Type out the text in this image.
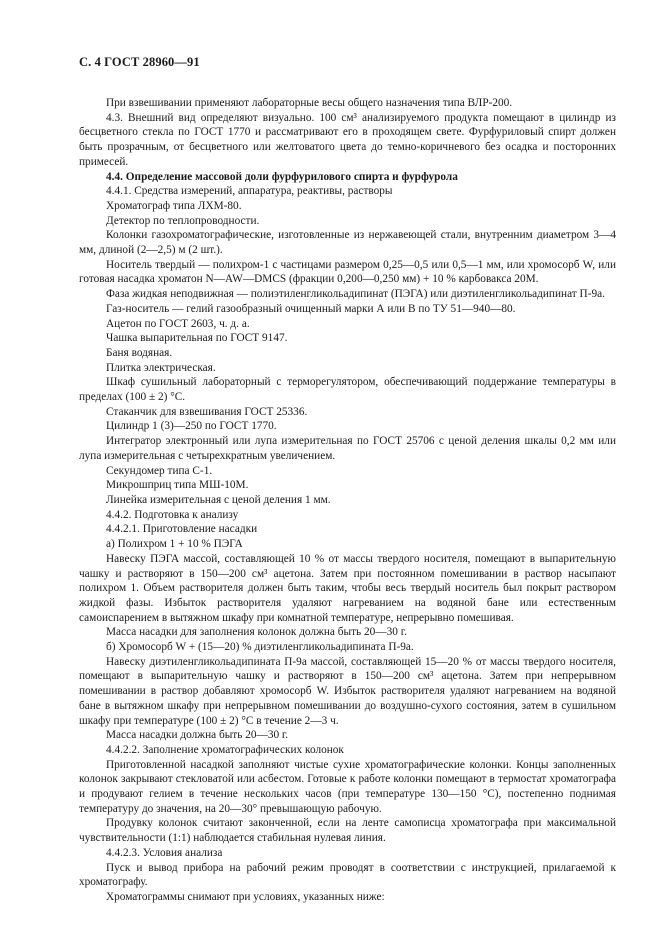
С. 4 ГОСТ 28960—91

При взвешивании применяют лабораторные весы общего назначения типа ВЛР-200.

4.3. Внешний вид определяют визуально. 100 см³ анализируемого продукта помещают в цилиндр из бесцветного стекла по ГОСТ 1770 и рассматривают его в проходящем свете. Фурфуриловый спирт должен быть прозрачным, от бесцветного или желтоватого цвета до темно-коричневого без осадка и посторонних примесей.

4.4. Определение массовой доли фурфурилового спирта и фурфурола

4.4.1. Средства измерений, аппаратура, реактивы, растворы

Хроматограф типа ЛХМ-80.

Детектор по теплопроводности.

Колонки газохроматографические, изготовленные из нержавеющей стали, внутренним диаметром 3—4 мм, длиной (2—2,5) м (2 шт.).

Носитель твердый — полихром-1 с частицами размером 0,25—0,5 или 0,5—1 мм, или хромосорб W, или готовая насадка хроматон N—AW—DMCS (фракции 0,200—0,250 мм) + 10 % карбовакса 20М.

Фаза жидкая неподвижная — полиэтиленгликольадипинат (ПЭГА) или диэтиленгликольадипинат П-9а.

Газ-носитель — гелий газообразный очищенный марки А или В по ТУ 51—940—80.

Ацетон по ГОСТ 2603, ч. д. а.

Чашка выпарительная по ГОСТ 9147.

Баня водяная.

Плитка электрическая.

Шкаф сушильный лабораторный с терморегулятором, обеспечивающий поддержание температуры в пределах (100 ± 2) °С.

Стаканчик для взвешивания ГОСТ 25336.

Цилиндр 1 (3)—250 по ГОСТ 1770.

Интегратор электронный или лупа измерительная по ГОСТ 25706 с ценой деления шкалы 0,2 мм или лупа измерительная с четырехкратным увеличением.

Секундомер типа С-1.

Микрошприц типа МШ-10М.

Линейка измерительная с ценой деления 1 мм.

4.4.2. Подготовка к анализу

4.4.2.1. Приготовление насадки

а) Полихром 1 + 10 % ПЭГА

Навеску ПЭГА массой, составляющей 10 % от массы твердого носителя, помещают в выпарительную чашку и растворяют в 150—200 см³ ацетона. Затем при постоянном помешивании в раствор насыпают полихром 1. Объем растворителя должен быть таким, чтобы весь твердый носитель был покрыт раствором жидкой фазы. Избыток растворителя удаляют нагреванием на водяной бане или естественным самоиспарением в вытяжном шкафу при комнатной температуре, непрерывно помешивая.

Масса насадки для заполнения колонок должна быть 20—30 г.

б) Хромосорб W + (15—20) % диэтиленгликольадипината П-9а.

Навеску диэтиленгликольадипината П-9а массой, составляющей 15—20 % от массы твердого носителя, помещают в выпарительную чашку и растворяют в 150—200 см³ ацетона. Затем при непрерывном помешивании в раствор добавляют хромосорб W. Избыток растворителя удаляют нагреванием на водяной бане в вытяжном шкафу при непрерывном помешивании до воздушно-сухого состояния, затем в сушильном шкафу при температуре (100 ± 2) °С в течение 2—3 ч.

Масса насадки должна быть 20—30 г.

4.4.2.2. Заполнение хроматографических колонок

Приготовленной насадкой заполняют чистые сухие хроматографические колонки. Концы заполненных колонок закрывают стекловатой или асбестом. Готовые к работе колонки помещают в термостат хроматографа и продувают гелием в течение нескольких часов (при температуре 130—150 °С), постепенно поднимая температуру до значения, на 20—30° превышающую рабочую.

Продувку колонок считают законченной, если на ленте самописца хроматографа при максимальной чувствительности (1:1) наблюдается стабильная нулевая линия.

4.4.2.3. Условия анализа

Пуск и вывод прибора на рабочий режим проводят в соответствии с инструкцией, прилагаемой к хроматографу.

Хроматограммы снимают при условиях, указанных ниже:
